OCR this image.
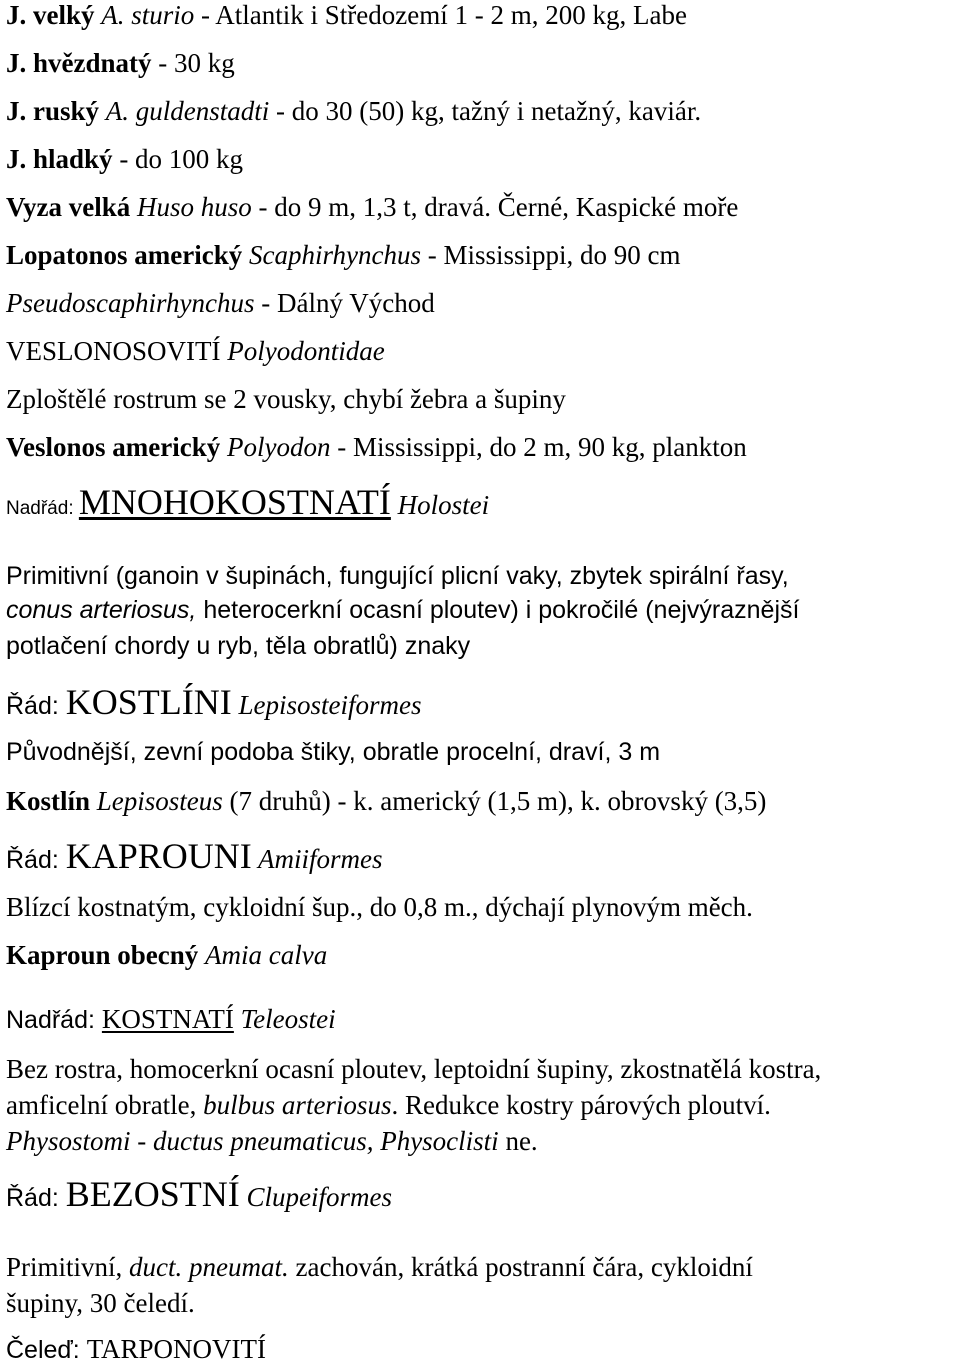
J. velký A. sturio - Atlantik i Středozemí 1 - 2 m, 200 kg, Labe
J. hvězdnatý - 30 kg
J. ruský A. guldenstadti - do 30 (50) kg, tažný i netažný, kaviár.
J. hladký - do 100 kg
Vyza velká Huso huso - do 9 m, 1,3 t, dravá. Černé, Kaspické moře
Lopatonos americký Scaphirhynchus - Mississippi, do 90 cm
Pseudoscaphirhynchus - Dálný Východ
VESLONOSOVITÍ Polyodontidae
Zploštělé rostrum se 2 vousky, chybí žebra a šupiny
Veslonos americký Polyodon - Mississippi, do 2 m, 90 kg, plankton
Nadřád: MNOHOKOSTNATÍ Holostei
Primitivní (ganoin v šupinách, fungující plicní vaky, zbytek spirální řasy,
conus arteriosus, heterocerkní ocasní ploutev) i pokročilé (nejvýraznější
potlačení chordy u ryb, těla obratlů) znaky
Řád: KOSTLÍNI Lepisosteiformes
Původnější, zevní podoba štiky, obratle procelní, draví, 3 m
Kostlín Lepisosteus (7 druhů) - k. americký (1,5 m), k. obrovský (3,5)
Řád: KAPROUNI Amiiformes
Blízcí kostnatým, cykloidní šup., do 0,8 m., dýchají plynovým měch.
Kaproun obecný Amia calva
Nadřád: KOSTNATÍ Teleostei
Bez rostra, homocerkní ocasní ploutev, leptoidní šupiny, zkostnatělá kostra,
amficelní obratle, bulbus arteriosus. Redukce kostry párových ploutví.
Physostomi - ductus pneumaticus, Physoclisti ne.
Řád: BEZOSTNÍ Clupeiformes
Primitivní, duct. pneumat. zachován, krátká postranní čára, cykloidní
šupiny, 30 čeledí.
Čeleď: TARPONOVITÍ
